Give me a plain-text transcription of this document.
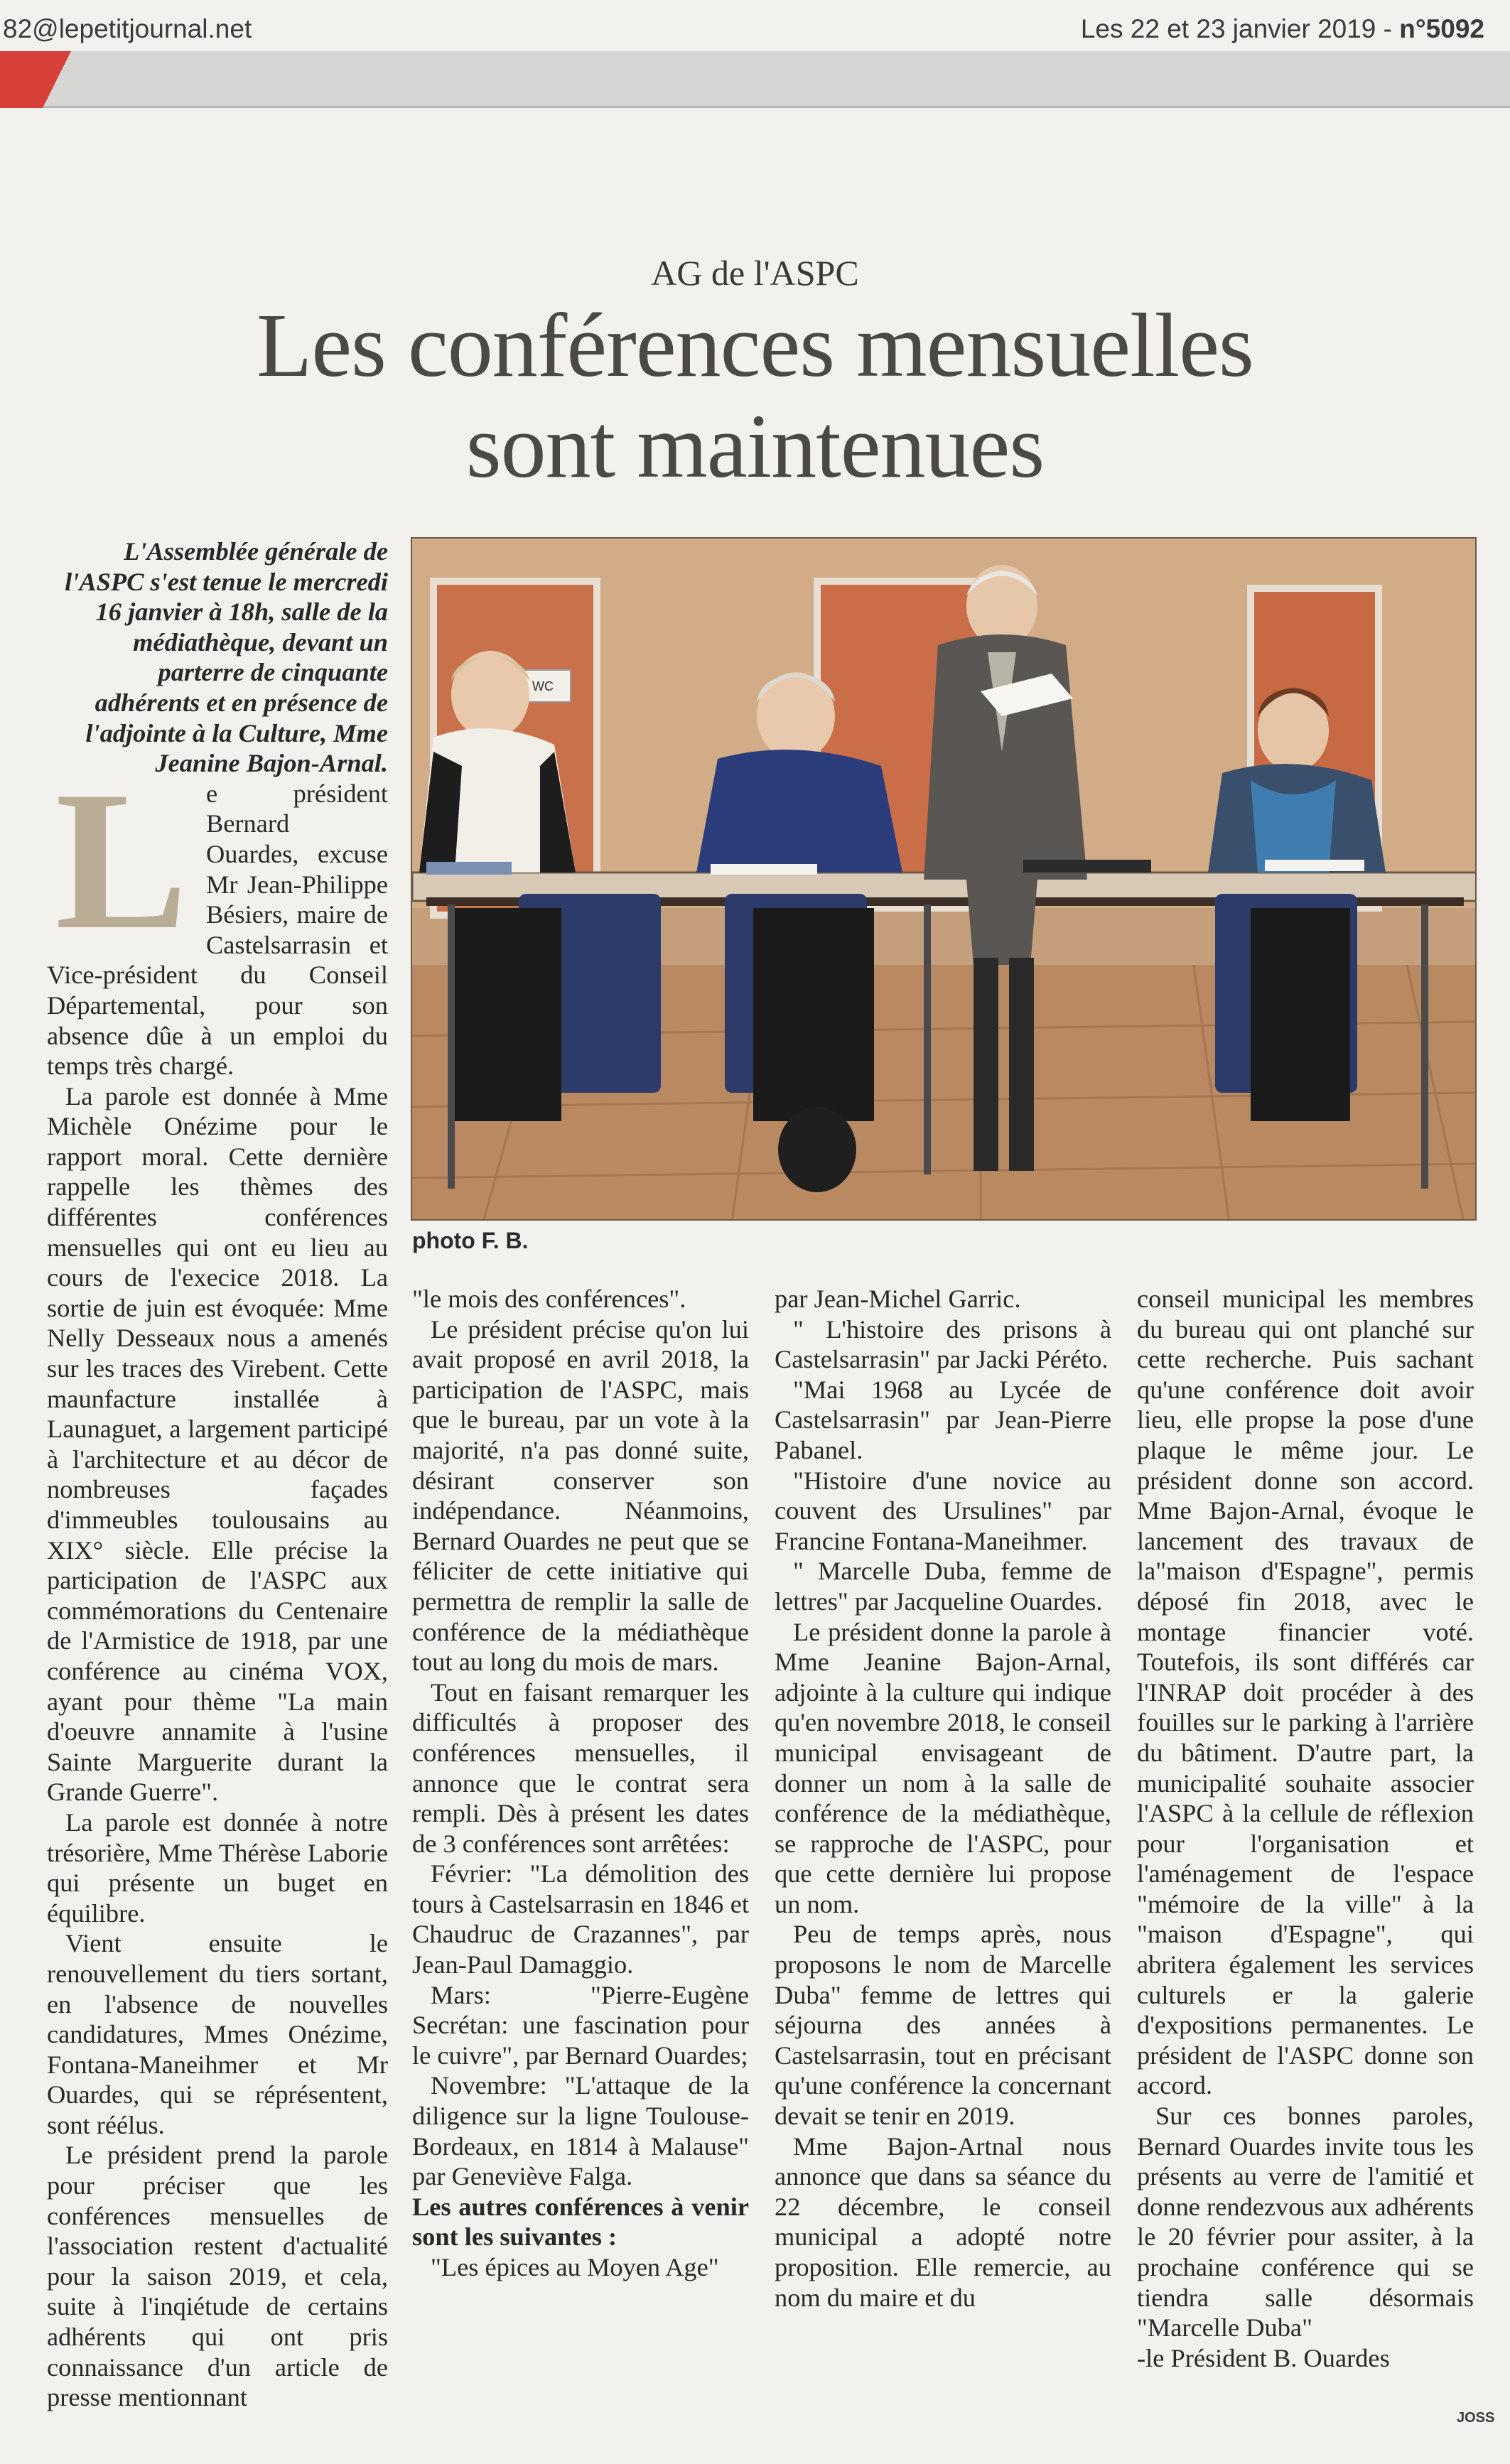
82@lepetitjournal.net	Les 22 et 23 janvier 2019 - n°5092

AG de l'ASPC
Les conférences mensuelles
sont maintenues
WC
photo F. B.

L'Assemblée générale de l'ASPC s'est tenue le mercredi 16 janvier à 18h, salle de la médiathèque, devant un parterre de cinquante adhérents et en présence de l'adjointe à la Culture, Mme Jeanine Bajon-Arnal.

L e président Bernard Ouardes, excuse Mr Jean-Philippe Bésiers, maire de Castelsarrasin et Vice-président du Conseil Départemental, pour son absence dûe à un emploi du temps très chargé.

La parole est donnée à Mme Michèle Onézime pour le rapport moral. Cette dernière rappelle les thèmes des différentes conférences mensuelles qui ont eu lieu au cours de l'execice 2018. La sortie de juin est évoquée: Mme Nelly Desseaux nous a amenés sur les traces des Virebent. Cette maunfacture installée à Launaguet, a largement participé à l'architecture et au décor de nombreuses façades d'immeubles toulousains au XIX° siècle. Elle précise la participation de l'ASPC aux commémorations du Centenaire de l'Armistice de 1918, par une conférence au cinéma VOX, ayant pour thème "La main d'oeuvre annamite à l'usine Sainte Marguerite durant la Grande Guerre".

La parole est donnée à notre trésorière, Mme Thérèse Laborie qui présente un buget en équilibre.

Vient ensuite le renouvellement du tiers sortant, en l'absence de nouvelles candidatures, Mmes Onézime, Fontana-Maneihmer et Mr Ouardes, qui se réprésentent, sont réélus.

Le président prend la parole pour préciser que les conférences mensuelles de l'association restent d'actualité pour la saison 2019, et cela, suite à l'inqiétude de certains adhérents qui ont pris connaissance d'un article de presse mentionnant

"le mois des conférences".

Le président précise qu'on lui avait proposé en avril 2018, la participation de l'ASPC, mais que le bureau, par un vote à la majorité, n'a pas donné suite, désirant conserver son indépendance. Néanmoins, Bernard Ouardes ne peut que se féliciter de cette initiative qui permettra de remplir la salle de conférence de la médiathèque tout au long du mois de mars.

Tout en faisant remarquer les difficultés à proposer des conférences mensuelles, il annonce que le contrat sera rempli. Dès à présent les dates de 3 conférences sont arrêtées:

Février: "La démolition des tours à Castelsarrasin en 1846 et Chaudruc de Crazannes", par Jean-Paul Damaggio.

Mars: "Pierre-Eugène Secrétan: une fascination pour le cuivre", par Bernard Ouardes;

Novembre: "L'attaque de la diligence sur la ligne Toulouse-Bordeaux, en 1814 à Malause" par Geneviève Falga.

Les autres conférences à venir sont les suivantes :

"Les épices au Moyen Age"

par Jean-Michel Garric.

" L'histoire des prisons à Castelsarrasin" par Jacki Péréto.

"Mai 1968 au Lycée de Castelsarrasin" par Jean-Pierre Pabanel.

"Histoire d'une novice au couvent des Ursulines" par Francine Fontana-Maneihmer.

" Marcelle Duba, femme de lettres" par Jacqueline Ouardes.

Le président donne la parole à Mme Jeanine Bajon-Arnal, adjointe à la culture qui indique qu'en novembre 2018, le conseil municipal envisageant de donner un nom à la salle de conférence de la médiathèque, se rapproche de l'ASPC, pour que cette dernière lui propose un nom.

Peu de temps après, nous proposons le nom de Marcelle Duba" femme de lettres qui séjourna des années à Castelsarrasin, tout en précisant qu'une conférence la concernant devait se tenir en 2019.

Mme Bajon-Artnal nous annonce que dans sa séance du 22 décembre, le conseil municipal a adopté notre proposition. Elle remercie, au nom du maire et du

conseil municipal les membres du bureau qui ont planché sur cette recherche. Puis sachant qu'une conférence doit avoir lieu, elle propse la pose d'une plaque le même jour. Le président donne son accord. Mme Bajon-Arnal, évoque le lancement des travaux de la"maison d'Espagne", permis déposé fin 2018, avec le montage financier voté. Toutefois, ils sont différés car l'INRAP doit procéder à des fouilles sur le parking à l'arrière du bâtiment. D'autre part, la municipalité souhaite associer l'ASPC à la cellule de réflexion pour l'organisation et l'aménagement de l'espace "mémoire de la ville" à la "maison d'Espagne", qui abritera également les services culturels er la galerie d'expositions permanentes. Le président de l'ASPC donne son accord.

Sur ces bonnes paroles, Bernard Ouardes invite tous les présents au verre de l'amitié et donne rendezvous aux adhérents le 20 février pour assiter, à la prochaine conférence qui se tiendra salle désormais "Marcelle Duba"

-le Président B. Ouardes

JOSS
